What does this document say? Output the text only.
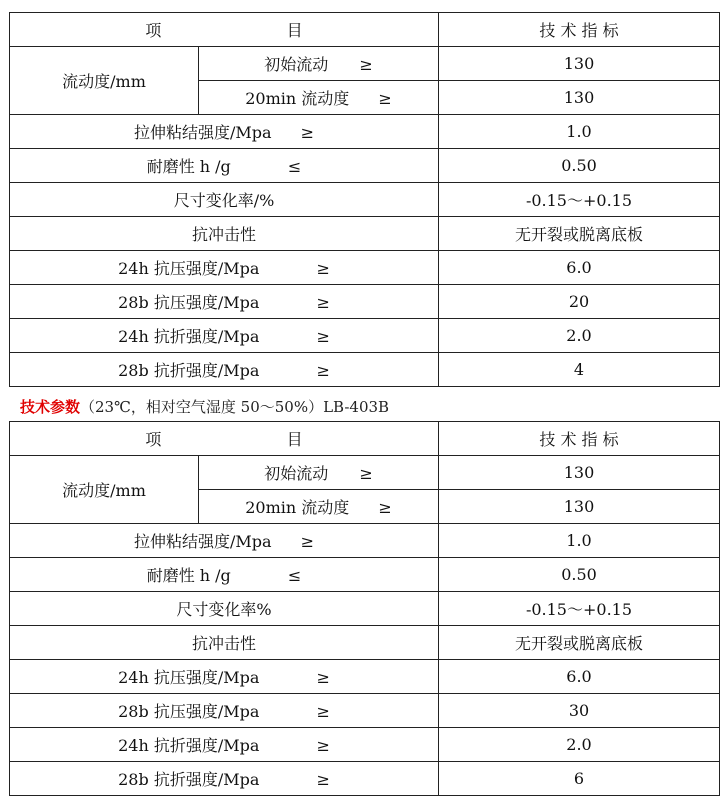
项 目		技 术 指 标
流动度/mm	初始流动 ≥	130
	20min 流动度 ≥	130
拉伸粘结强度/Mpa ≥		1.0
耐磨性 h /g ≤		0.50
尺寸变化率/%		-0.15～+0.15
抗冲击性		无开裂或脱离底板
24h 抗压强度/Mpa ≥		6.0
28b 抗压强度/Mpa ≥		20
24h 抗折强度/Mpa ≥		2.0
28b 抗折强度/Mpa ≥		4
技术参数（23℃，相对空气湿度 50～50%）LB-403B
项 目		技 术 指 标
流动度/mm	初始流动 ≥	130
	20min 流动度 ≥	130
拉伸粘结强度/Mpa ≥		1.0
耐磨性 h /g ≤		0.50
尺寸变化率%		-0.15～+0.15
抗冲击性		无开裂或脱离底板
24h 抗压强度/Mpa ≥		6.0
28b 抗压强度/Mpa ≥		30
24h 抗折强度/Mpa ≥		2.0
28b 抗折强度/Mpa ≥		6
